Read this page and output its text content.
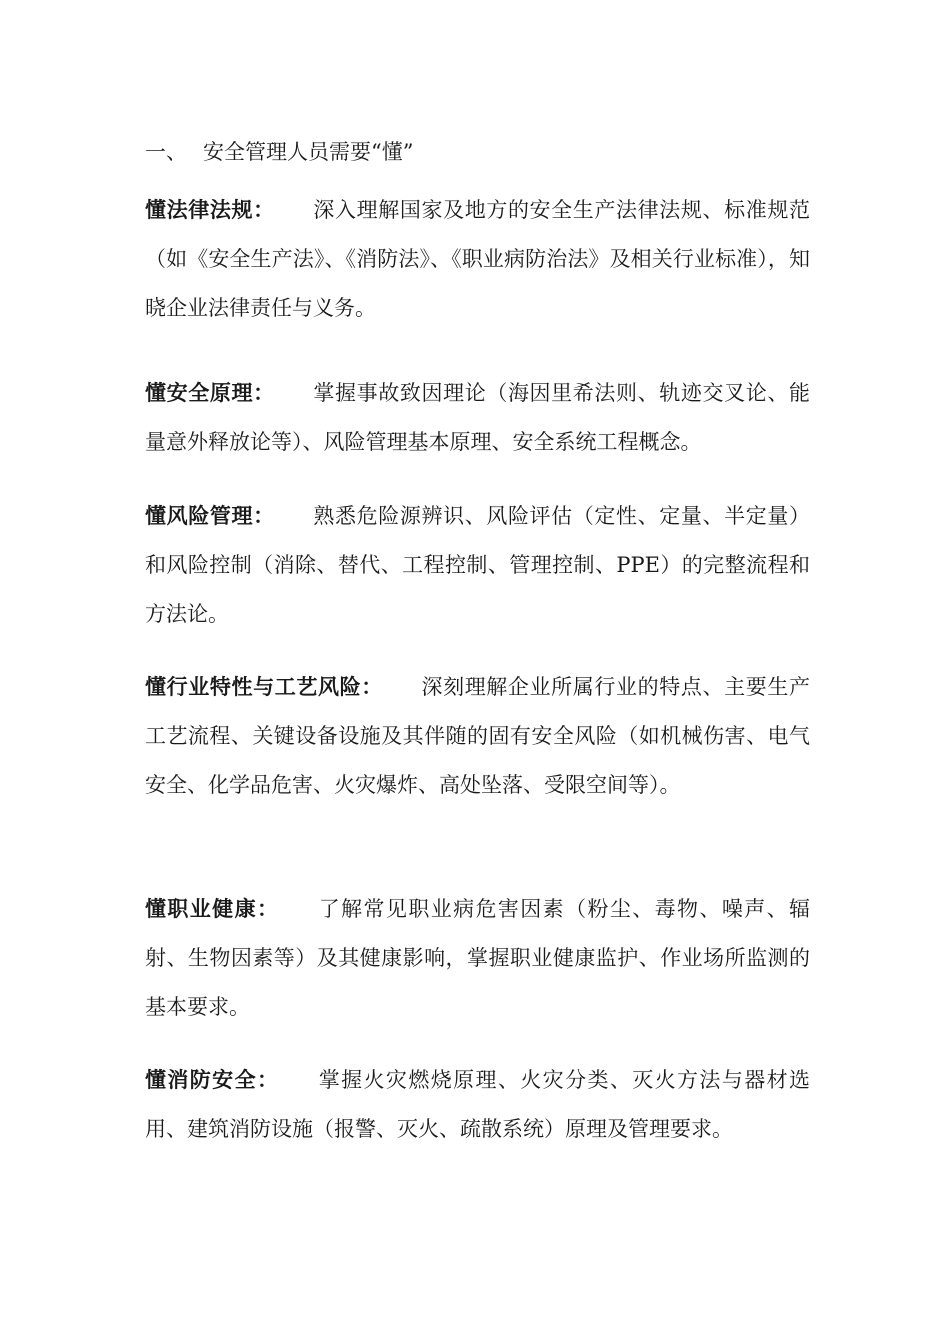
一、 安全管理人员需要“懂”

懂法律法规： 深入理解国家及地方的安全生产法律法规、标准规范（如《安全生产法》、《消防法》、《职业病防治法》及相关行业标准），知晓企业法律责任与义务。

懂安全原理： 掌握事故致因理论（海因里希法则、轨迹交叉论、能量意外释放论等）、风险管理基本原理、安全系统工程概念。

懂风险管理： 熟悉危险源辨识、风险评估（定性、定量、半定量）和风险控制（消除、替代、工程控制、管理控制、PPE）的完整流程和方法论。

懂行业特性与工艺风险： 深刻理解企业所属行业的特点、主要生产工艺流程、关键设备设施及其伴随的固有安全风险（如机械伤害、电气安全、化学品危害、火灾爆炸、高处坠落、受限空间等）。

懂职业健康： 了解常见职业病危害因素（粉尘、毒物、噪声、辐射、生物因素等）及其健康影响，掌握职业健康监护、作业场所监测的基本要求。

懂消防安全： 掌握火灾燃烧原理、火灾分类、灭火方法与器材选用、建筑消防设施（报警、灭火、疏散系统）原理及管理要求。
